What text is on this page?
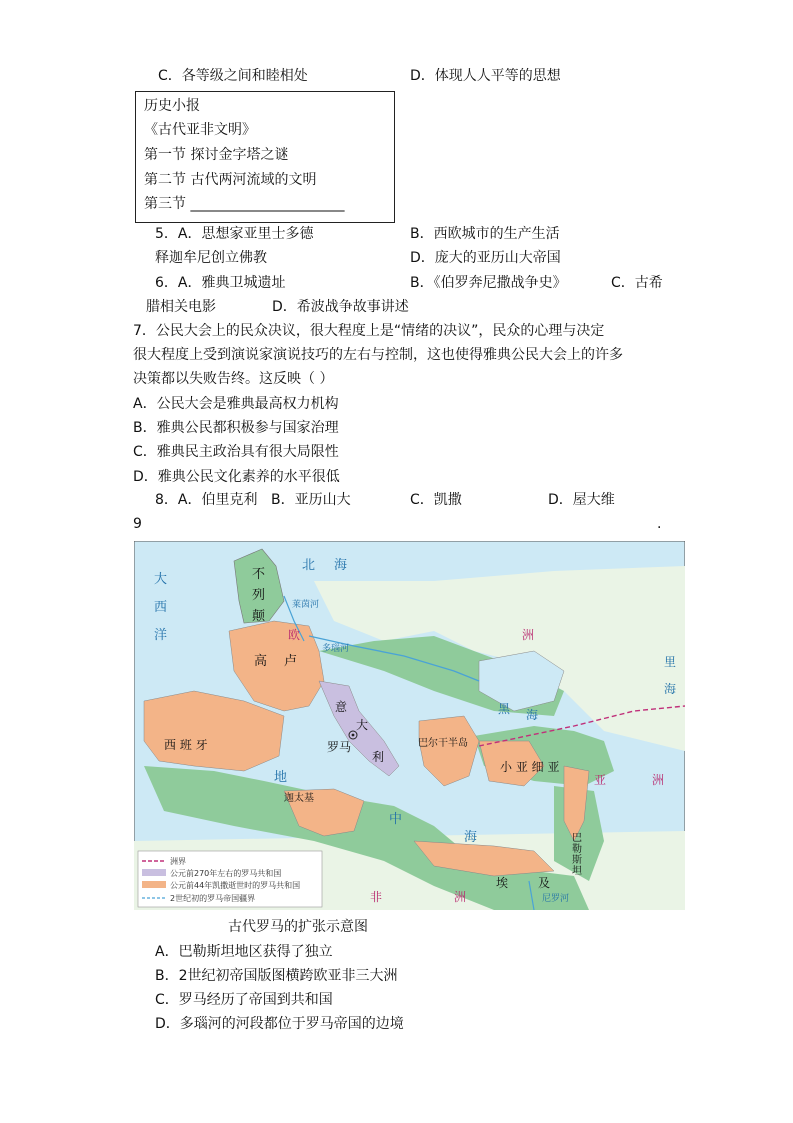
C．各等级之间和睦相处	D．体现人人平等的思想
历史小报
《古代亚非文明》
第一节 探讨金字塔之谜
第二节 古代两河流域的文明
第三节 ______________________
5．A．思想家亚里士多德	B．西欧城市的生产生活
释迦牟尼创立佛教	D．庞大的亚历山大帝国
6．A．雅典卫城遗址	B．《伯罗奔尼撒战争史》	C．古希
腊相关电影	D．希波战争故事讲述
7．公民大会上的民众决议，很大程度上是“情绪的决议”，民众的心理与决定
很大程度上受到演说家演说技巧的左右与控制，这也使得雅典公民大会上的许多
决策都以失败告终。这反映（ ）
A．公民大会是雅典最高权力机构
B．雅典公民都积极参与国家治理
C．雅典民主政治具有很大局限性
D．雅典公民文化素养的水平很低
8．A．伯里克利 B．亚历山大	C．凯撒	D．屋大维
9	.
大
西
洋
北 海
黑 海
里
海
地
中
海
多瑙河
莱茵河
尼罗河
欧	洲
亚	洲
非	洲
不
列
颠
高 卢
西 班 牙
意
大
利
罗马	巴尔干半岛
小 亚 细 亚
迦太基
巴
勒
斯
坦
埃 及
洲界
公元前270年左右的罗马共和国
公元前44年凯撒逝世时的罗马共和国
2世纪初的罗马帝国疆界
古代罗马的扩张示意图
A．巴勒斯坦地区获得了独立
B．2世纪初帝国版图横跨欧亚非三大洲
C．罗马经历了帝国到共和国
D．多瑙河的河段都位于罗马帝国的边境
